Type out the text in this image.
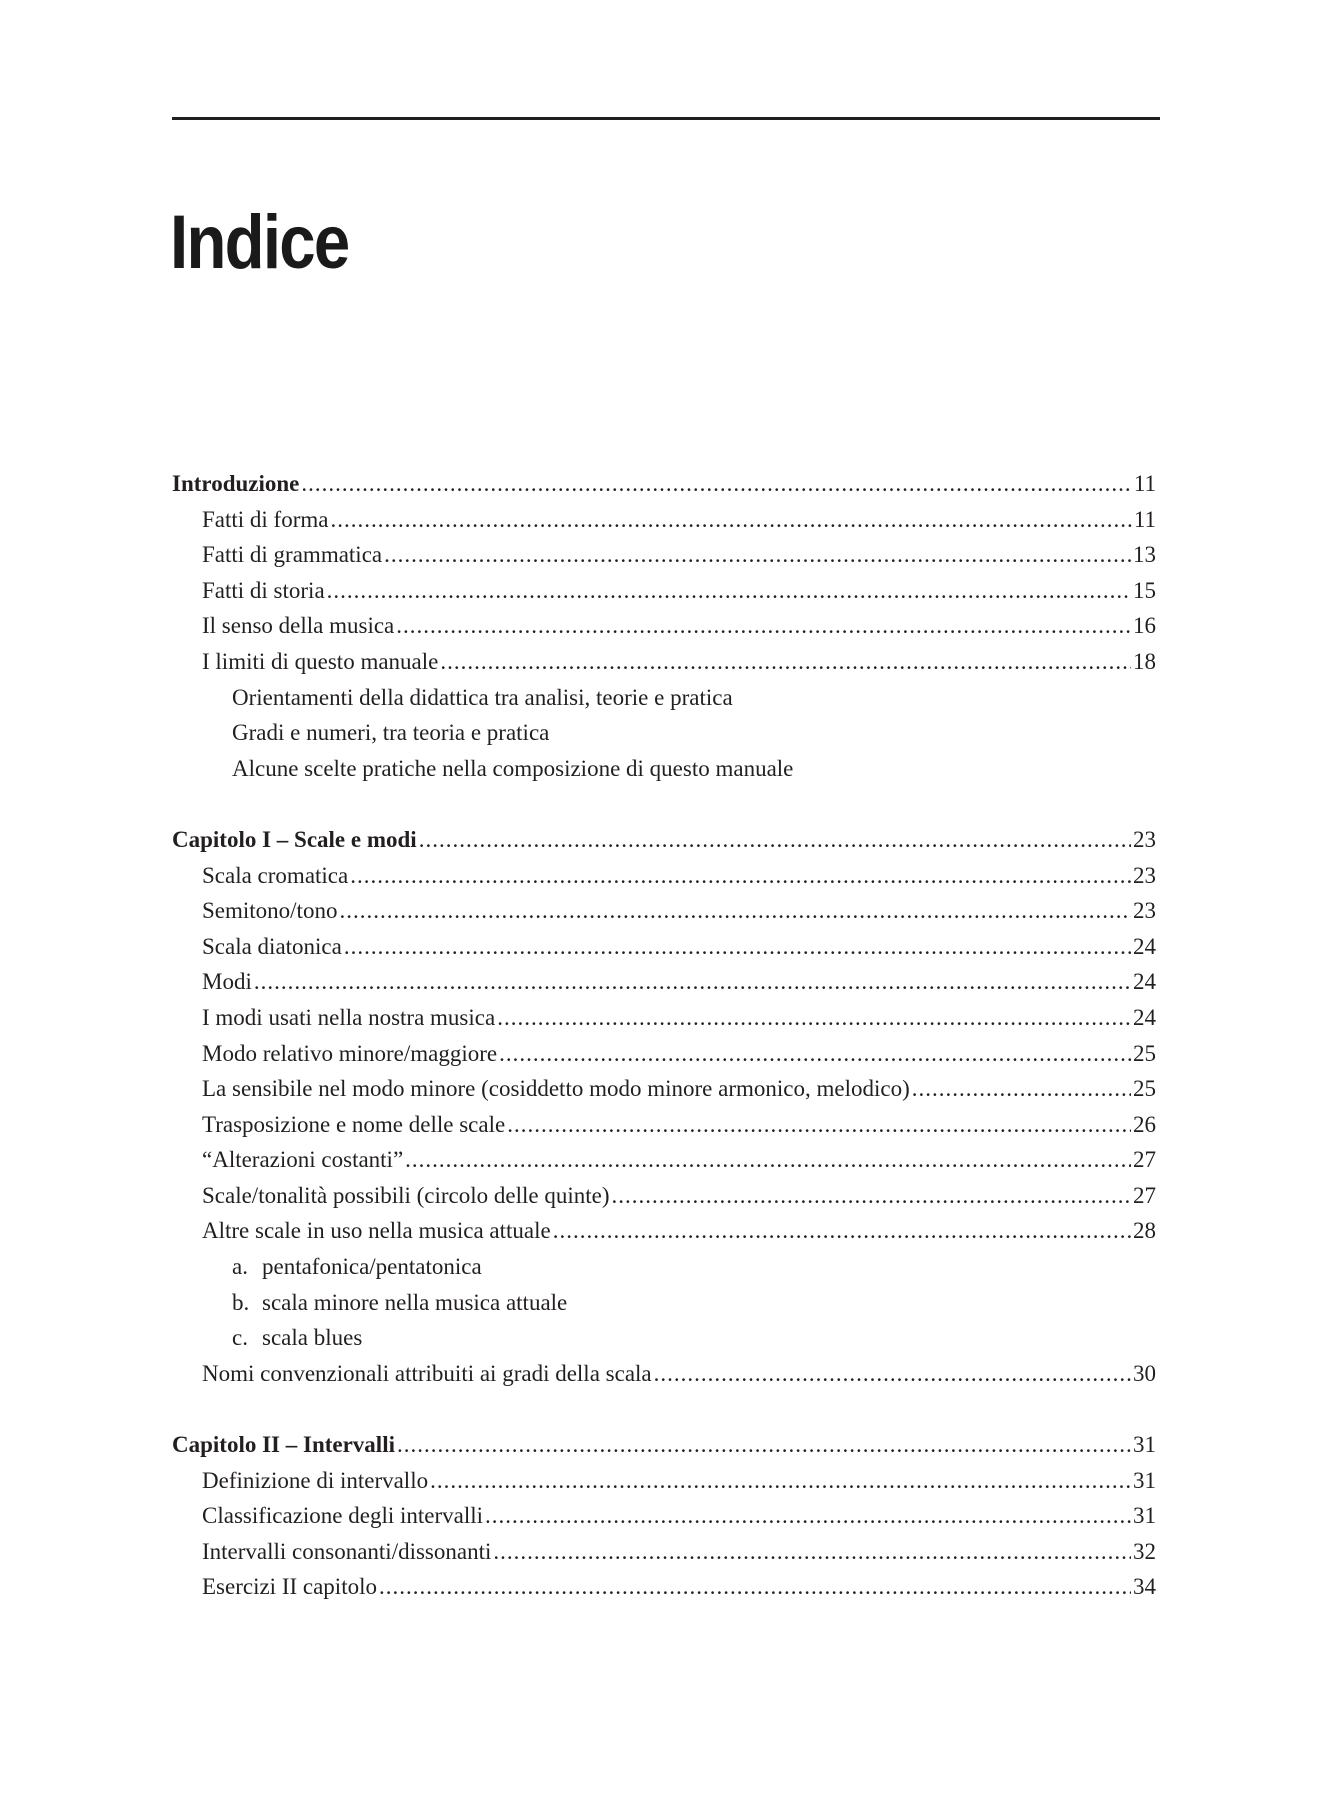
Indice
Introduzione .....	11
Fatti di forma .....	11
Fatti di grammatica .....	13
Fatti di storia .....	15
Il senso della musica .....	16
I limiti di questo manuale .....	18
Orientamenti della didattica tra analisi, teorie e pratica
Gradi e numeri, tra teoria e pratica
Alcune scelte pratiche nella composizione di questo manuale
Capitolo I – Scale e modi .....	23
Scala cromatica .....	23
Semitono/tono .....	23
Scala diatonica .....	24
Modi .....	24
I modi usati nella nostra musica .....	24
Modo relativo minore/maggiore .....	25
La sensibile nel modo minore (cosiddetto modo minore armonico, melodico) .....	25
Trasposizione e nome delle scale .....	26
“Alterazioni costanti” .....	27
Scale/tonalità possibili (circolo delle quinte) .....	27
Altre scale in uso nella musica attuale .....	28
a. pentafonica/pentatonica
b. scala minore nella musica attuale
c. scala blues
Nomi convenzionali attribuiti ai gradi della scala .....	30
Capitolo II – Intervalli .....	31
Definizione di intervallo .....	31
Classificazione degli intervalli .....	31
Intervalli consonanti/dissonanti .....	32
Esercizi II capitolo .....	34
